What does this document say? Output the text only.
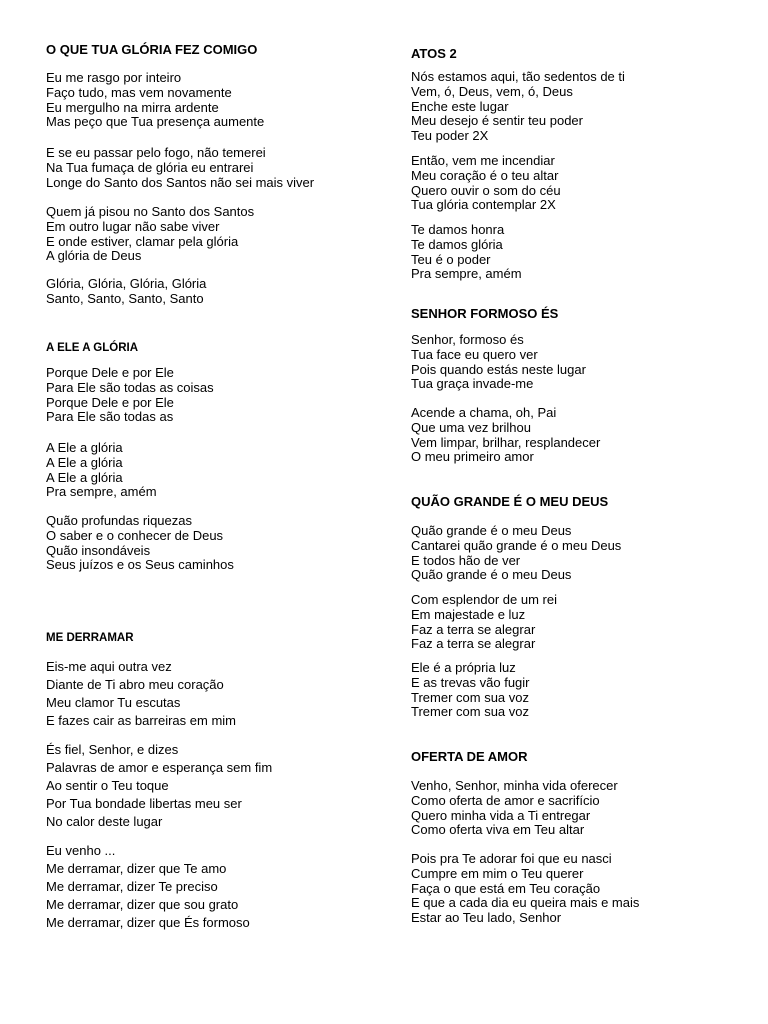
O QUE TUA GLÓRIA FEZ COMIGO
Eu me rasgo por inteiro
Faço tudo, mas vem novamente
Eu mergulho na mirra ardente
Mas peço que Tua presença aumente
E se eu passar pelo fogo, não temerei
Na Tua fumaça de glória eu entrarei
Longe do Santo dos Santos não sei mais viver
Quem já pisou no Santo dos Santos
Em outro lugar não sabe viver
E onde estiver, clamar pela glória
A glória de Deus
Glória, Glória, Glória, Glória
Santo, Santo, Santo, Santo
A ELE A GLÓRIA
Porque Dele e por Ele
Para Ele são todas as coisas
Porque Dele e por Ele
Para Ele são todas as
A Ele a glória
A Ele a glória
A Ele a glória
Pra sempre, amém
Quão profundas riquezas
O saber e o conhecer de Deus
Quão insondáveis
Seus juízos e os Seus caminhos
ME DERRAMAR
Eis-me aqui outra vez
Diante de Ti abro meu coração
Meu clamor Tu escutas
E fazes cair as barreiras em mim
És fiel, Senhor, e dizes
Palavras de amor e esperança sem fim
Ao sentir o Teu toque
Por Tua bondade libertas meu ser
No calor deste lugar
Eu venho ...
Me derramar, dizer que Te amo
Me derramar, dizer Te preciso
Me derramar, dizer que sou grato
Me derramar, dizer que És formoso
ATOS 2
Nós estamos aqui, tão sedentos de ti
Vem, ó, Deus, vem, ó, Deus
Enche este lugar
Meu desejo é sentir teu poder
Teu poder 2X
Então, vem me incendiar
Meu coração é o teu altar
Quero ouvir o som do céu
Tua glória contemplar 2X
Te damos honra
Te damos glória
Teu é o poder
Pra sempre, amém
SENHOR FORMOSO ÉS
Senhor, formoso és
Tua face eu quero ver
Pois quando estás neste lugar
Tua graça invade-me
Acende a chama, oh, Pai
Que uma vez brilhou
Vem limpar, brilhar, resplandecer
O meu primeiro amor
QUÃO GRANDE É O MEU DEUS
Quão grande é o meu Deus
Cantarei quão grande é o meu Deus
E todos hão de ver
Quão grande é o meu Deus
Com esplendor de um rei
Em majestade e luz
Faz a terra se alegrar
Faz a terra se alegrar
Ele é a própria luz
E as trevas vão fugir
Tremer com sua voz
Tremer com sua voz
OFERTA DE AMOR
Venho, Senhor, minha vida oferecer
Como oferta de amor e sacrifício
Quero minha vida a Ti entregar
Como oferta viva em Teu altar
Pois pra Te adorar foi que eu nasci
Cumpre em mim o Teu querer
Faça o que está em Teu coração
E que a cada dia eu queira mais e mais
Estar ao Teu lado, Senhor
